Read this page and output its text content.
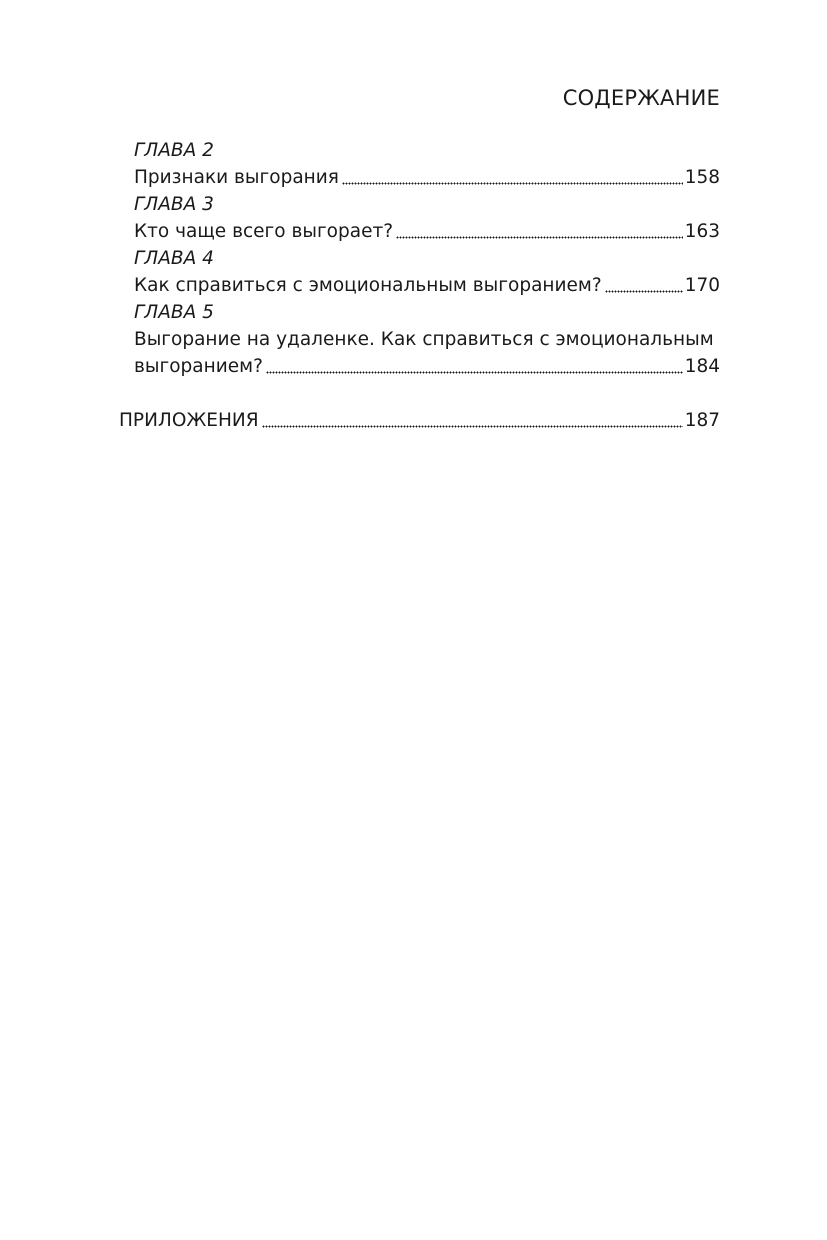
СОДЕРЖАНИЕ
ГЛАВА 2
Признаки выгорания	158
ГЛАВА 3
Кто чаще всего выгорает?	163
ГЛАВА 4
Как справиться с эмоциональным выгоранием?	170
ГЛАВА 5
Выгорание на удаленке. Как справиться с эмоциональным
выгоранием?	184
ПРИЛОЖЕНИЯ	187
